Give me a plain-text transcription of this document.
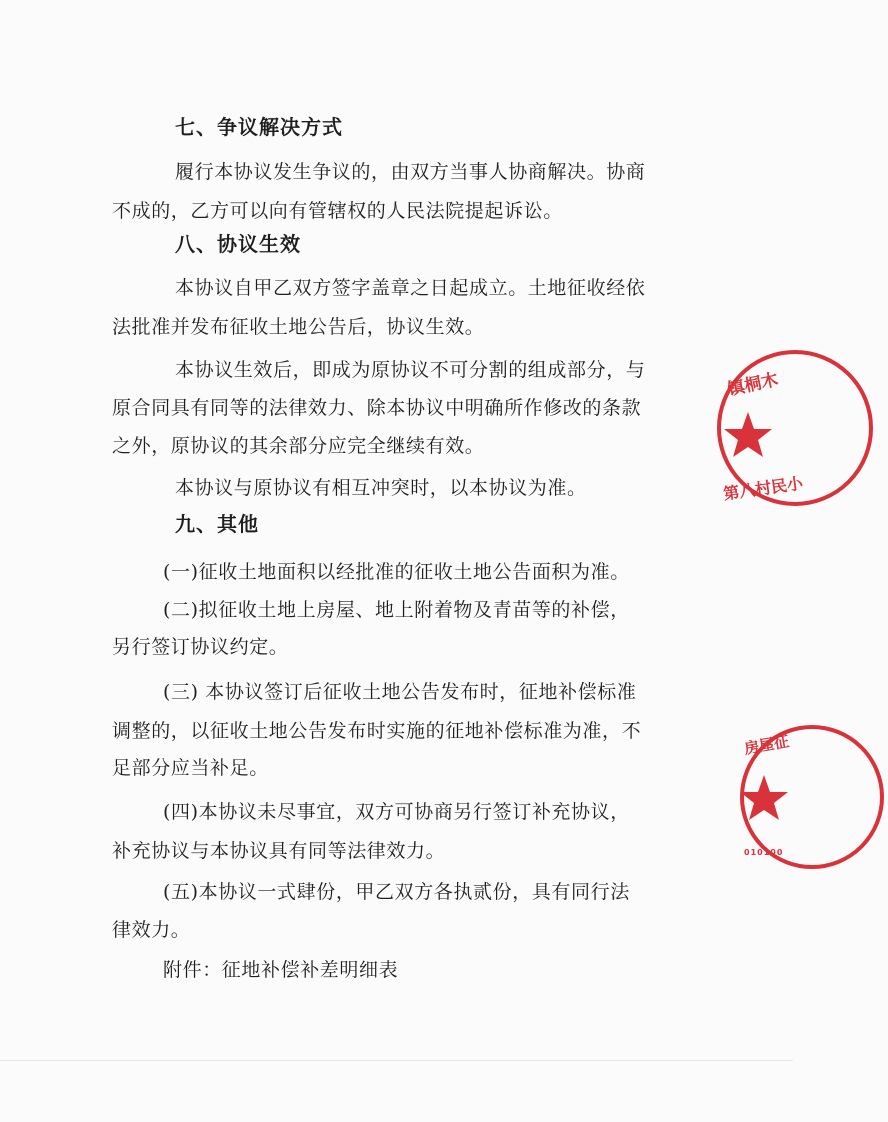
七、争议解决方式
履行本协议发生争议的，由双方当事人协商解决。协商
不成的，乙方可以向有管辖权的人民法院提起诉讼。
八、协议生效
本协议自甲乙双方签字盖章之日起成立。土地征收经依
法批准并发布征收土地公告后，协议生效。
本协议生效后，即成为原协议不可分割的组成部分，与
原合同具有同等的法律效力、除本协议中明确所作修改的条款
之外，原协议的其余部分应完全继续有效。
本协议与原协议有相互冲突时，以本协议为准。
九、其他
(一)征收土地面积以经批准的征收土地公告面积为准。
(二)拟征收土地上房屋、地上附着物及青苗等的补偿，
另行签订协议约定。
(三) 本协议签订后征收土地公告发布时，征地补偿标准
调整的，以征收土地公告发布时实施的征地补偿标准为准，不
足部分应当补足。
(四)本协议未尽事宜，双方可协商另行签订补充协议，
补充协议与本协议具有同等法律效力。
(五)本协议一式肆份，甲乙双方各执贰份，具有同行法
律效力。
附件：征地补偿补差明细表
镇桐木
第八村民小
房屋征
010100
